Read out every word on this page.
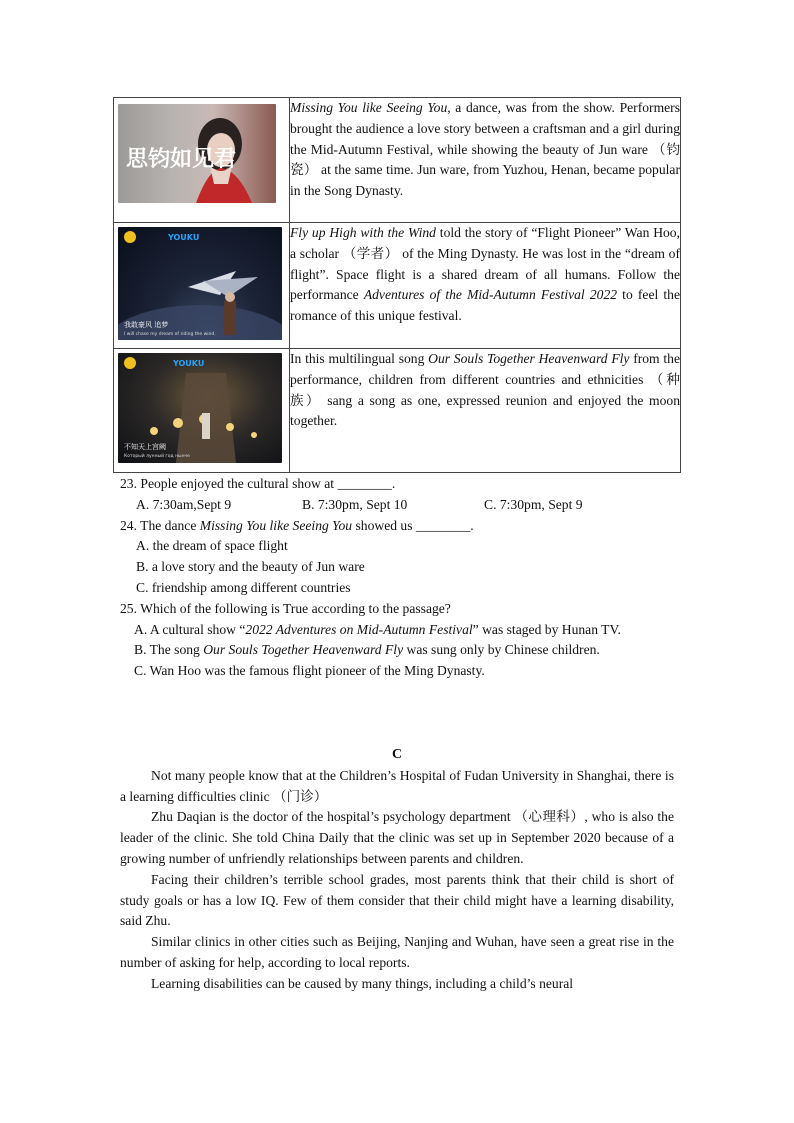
	Missing You like Seeing You, a dance, was from the show. Performers brought the audience a love story between a craftsman and a girl during the Mid-Autumn Festival, while showing the beauty of Jun ware （钧瓷） at the same time. Jun ware, from Yuzhou, Henan, became popular in the Song Dynasty.

	Fly up High with the Wind told the story of “Flight Pioneer” Wan Hoo, a scholar （学者） of the Ming Dynasty. He was lost in the “dream of flight”. Space flight is a shared dream of all humans. Follow the performance Adventures of the Mid-Autumn Festival 2022 to feel the romance of this unique festival.

	In this multilingual song Our Souls Together Heavenward Fly from the performance, children from different countries and ethnicities （种族） sang a song as one, expressed reunion and enjoyed the moon together.

思钧如见君
YOUKU
我敢豪风 追梦
I will chase my dream of riding the wind.
YOUKU
不知天上宫阙
Который лунный год нынче

23. People enjoyed the cultural show at ________.

A. 7:30am,Sept 9	B. 7:30pm, Sept 10	C. 7:30pm, Sept 9

24. The dance Missing You like Seeing You showed us ________.

A. the dream of space flight

B. a love story and the beauty of Jun ware

C. friendship among different countries

25. Which of the following is True according to the passage?

A. A cultural show “2022 Adventures on Mid-Autumn Festival” was staged by Hunan TV.

B. The song Our Souls Together Heavenward Fly was sung only by Chinese children.

C. Wan Hoo was the famous flight pioneer of the Ming Dynasty.

C

Not many people know that at the Children’s Hospital of Fudan University in Shanghai, there is a learning difficulties clinic （门诊）

Zhu Daqian is the doctor of the hospital’s psychology department （心理科）, who is also the leader of the clinic. She told China Daily that the clinic was set up in September 2020 because of a growing number of unfriendly relationships between parents and children.

Facing their children’s terrible school grades, most parents think that their child is short of study goals or has a low IQ. Few of them consider that their child might have a learning disability, said Zhu.

Similar clinics in other cities such as Beijing, Nanjing and Wuhan, have seen a great rise in the number of asking for help, according to local reports.

Learning disabilities can be caused by many things, including a child’s neural
